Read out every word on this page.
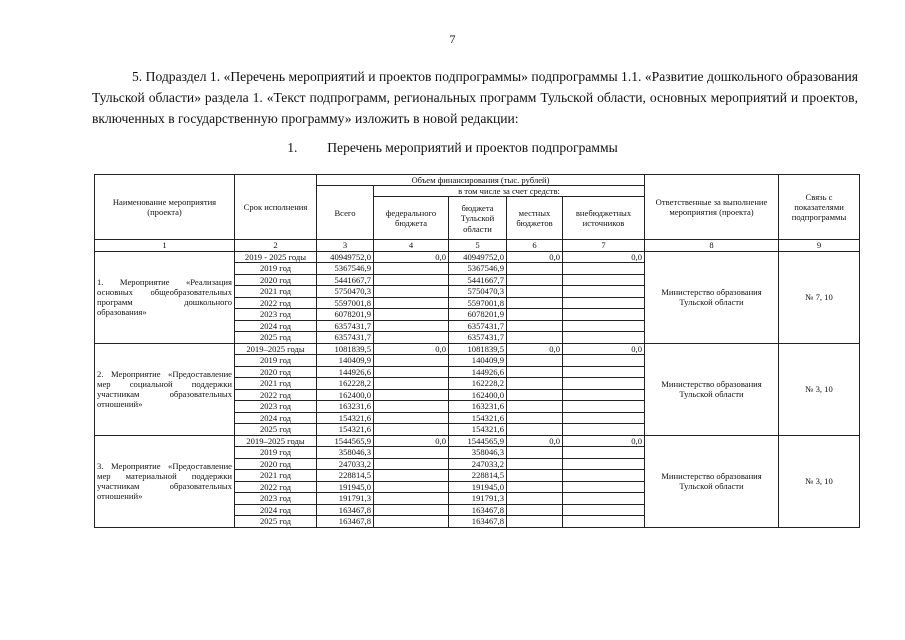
7

5. Подраздел 1. «Перечень мероприятий и проектов подпрограммы» подпрограммы 1.1. «Развитие дошкольного образования Тульской области» раздела 1. «Текст подпрограмм, региональных программ Тульской области, основных мероприятий и проектов, включенных в государственную программу» изложить в новой редакции:

1. Перечень мероприятий и проектов подпрограммы
Наименование мероприятия (проекта)	Срок исполнения	Объем финансирования (тыс. рублей)					Ответственные за выполнение мероприятия (проекта)	Связь с показателями подпрограммы
		Всего	в том числе за счет средств:					
			федерального бюджета	бюджета Тульской области	местных бюджетов	внебюджетных источников		
1	2	3	4	5	6	7	8	9
1. Мероприятие «Реализация основных общеобразовательных программ дошкольного образования»	2019 - 2025 годы	40949752,0	0,0	40949752,0	0,0	0,0	Министерство образования Тульской области	№ 7, 10
	2019 год	5367546,9		5367546,9				
	2020 год	5441667,7		5441667,7				
	2021 год	5750470,3		5750470,3				
	2022 год	5597001,8		5597001,8				
	2023 год	6078201,9		6078201,9				
	2024 год	6357431,7		6357431,7				
	2025 год	6357431,7		6357431,7				
2. Мероприятие «Предоставление мер социальной поддержки участникам образовательных отношений»	2019–2025 годы	1081839,5	0,0	1081839,5	0,0	0,0	Министерство образования Тульской области	№ 3, 10
	2019 год	140409,9		140409,9				
	2020 год	144926,6		144926,6				
	2021 год	162228,2		162228,2				
	2022 год	162400,0		162400,0				
	2023 год	163231,6		163231,6				
	2024 год	154321,6		154321,6				
	2025 год	154321,6		154321,6				
3. Мероприятие «Предоставление мер материальной поддержки участникам образовательных отношений»	2019–2025 годы	1544565,9	0,0	1544565,9	0,0	0,0	Министерство образования Тульской области	№ 3, 10
	2019 год	358046,3		358046,3				
	2020 год	247033,2		247033,2				
	2021 год	228814,5		228814,5				
	2022 год	191945,0		191945,0				
	2023 год	191791,3		191791,3				
	2024 год	163467,8		163467,8				
	2025 год	163467,8		163467,8				
